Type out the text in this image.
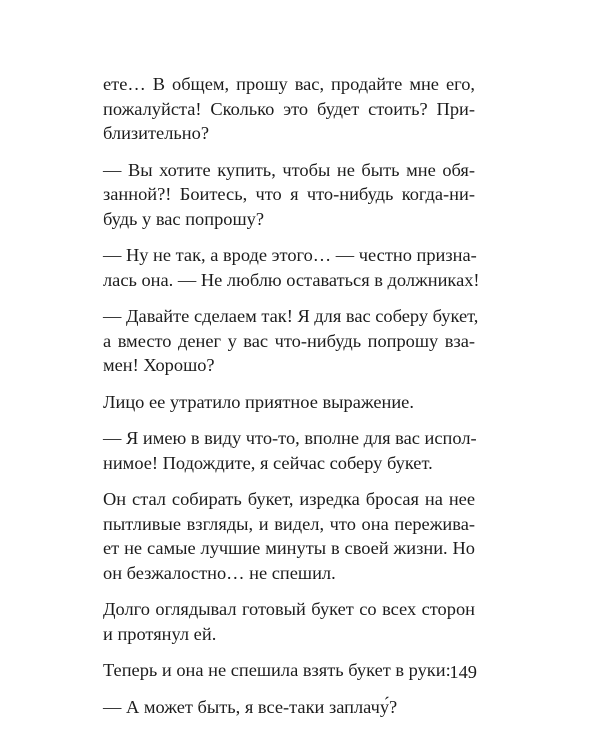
ете… В общем, прошу вас, продайте мне его,
пожалуйста! Сколько это будет стоить? При-
близительно?

— Вы хотите купить, чтобы не быть мне обя-
занной?! Боитесь, что я что-нибудь когда-ни-
будь у вас попрошу?

— Ну не так, а вроде этого… — честно призна-
лась она. — Не люблю оставаться в должниках!

— Давайте сделаем так! Я для вас соберу букет,
а вместо денег у вас что-нибудь попрошу вза-
мен! Хорошо?

Лицо ее утратило приятное выражение.

— Я имею в виду что-то, вполне для вас испол-
нимое! Подождите, я сейчас соберу букет.

Он стал собирать букет, изредка бросая на нее
пытливые взгляды, и видел, что она пережива-
ет не самые лучшие минуты в своей жизни. Но
он безжалостно… не спешил.

Долго оглядывал готовый букет со всех сторон
и протянул ей.

Теперь и она не спешила взять букет в руки:

— А может быть, я все-таки заплачу́?

149
